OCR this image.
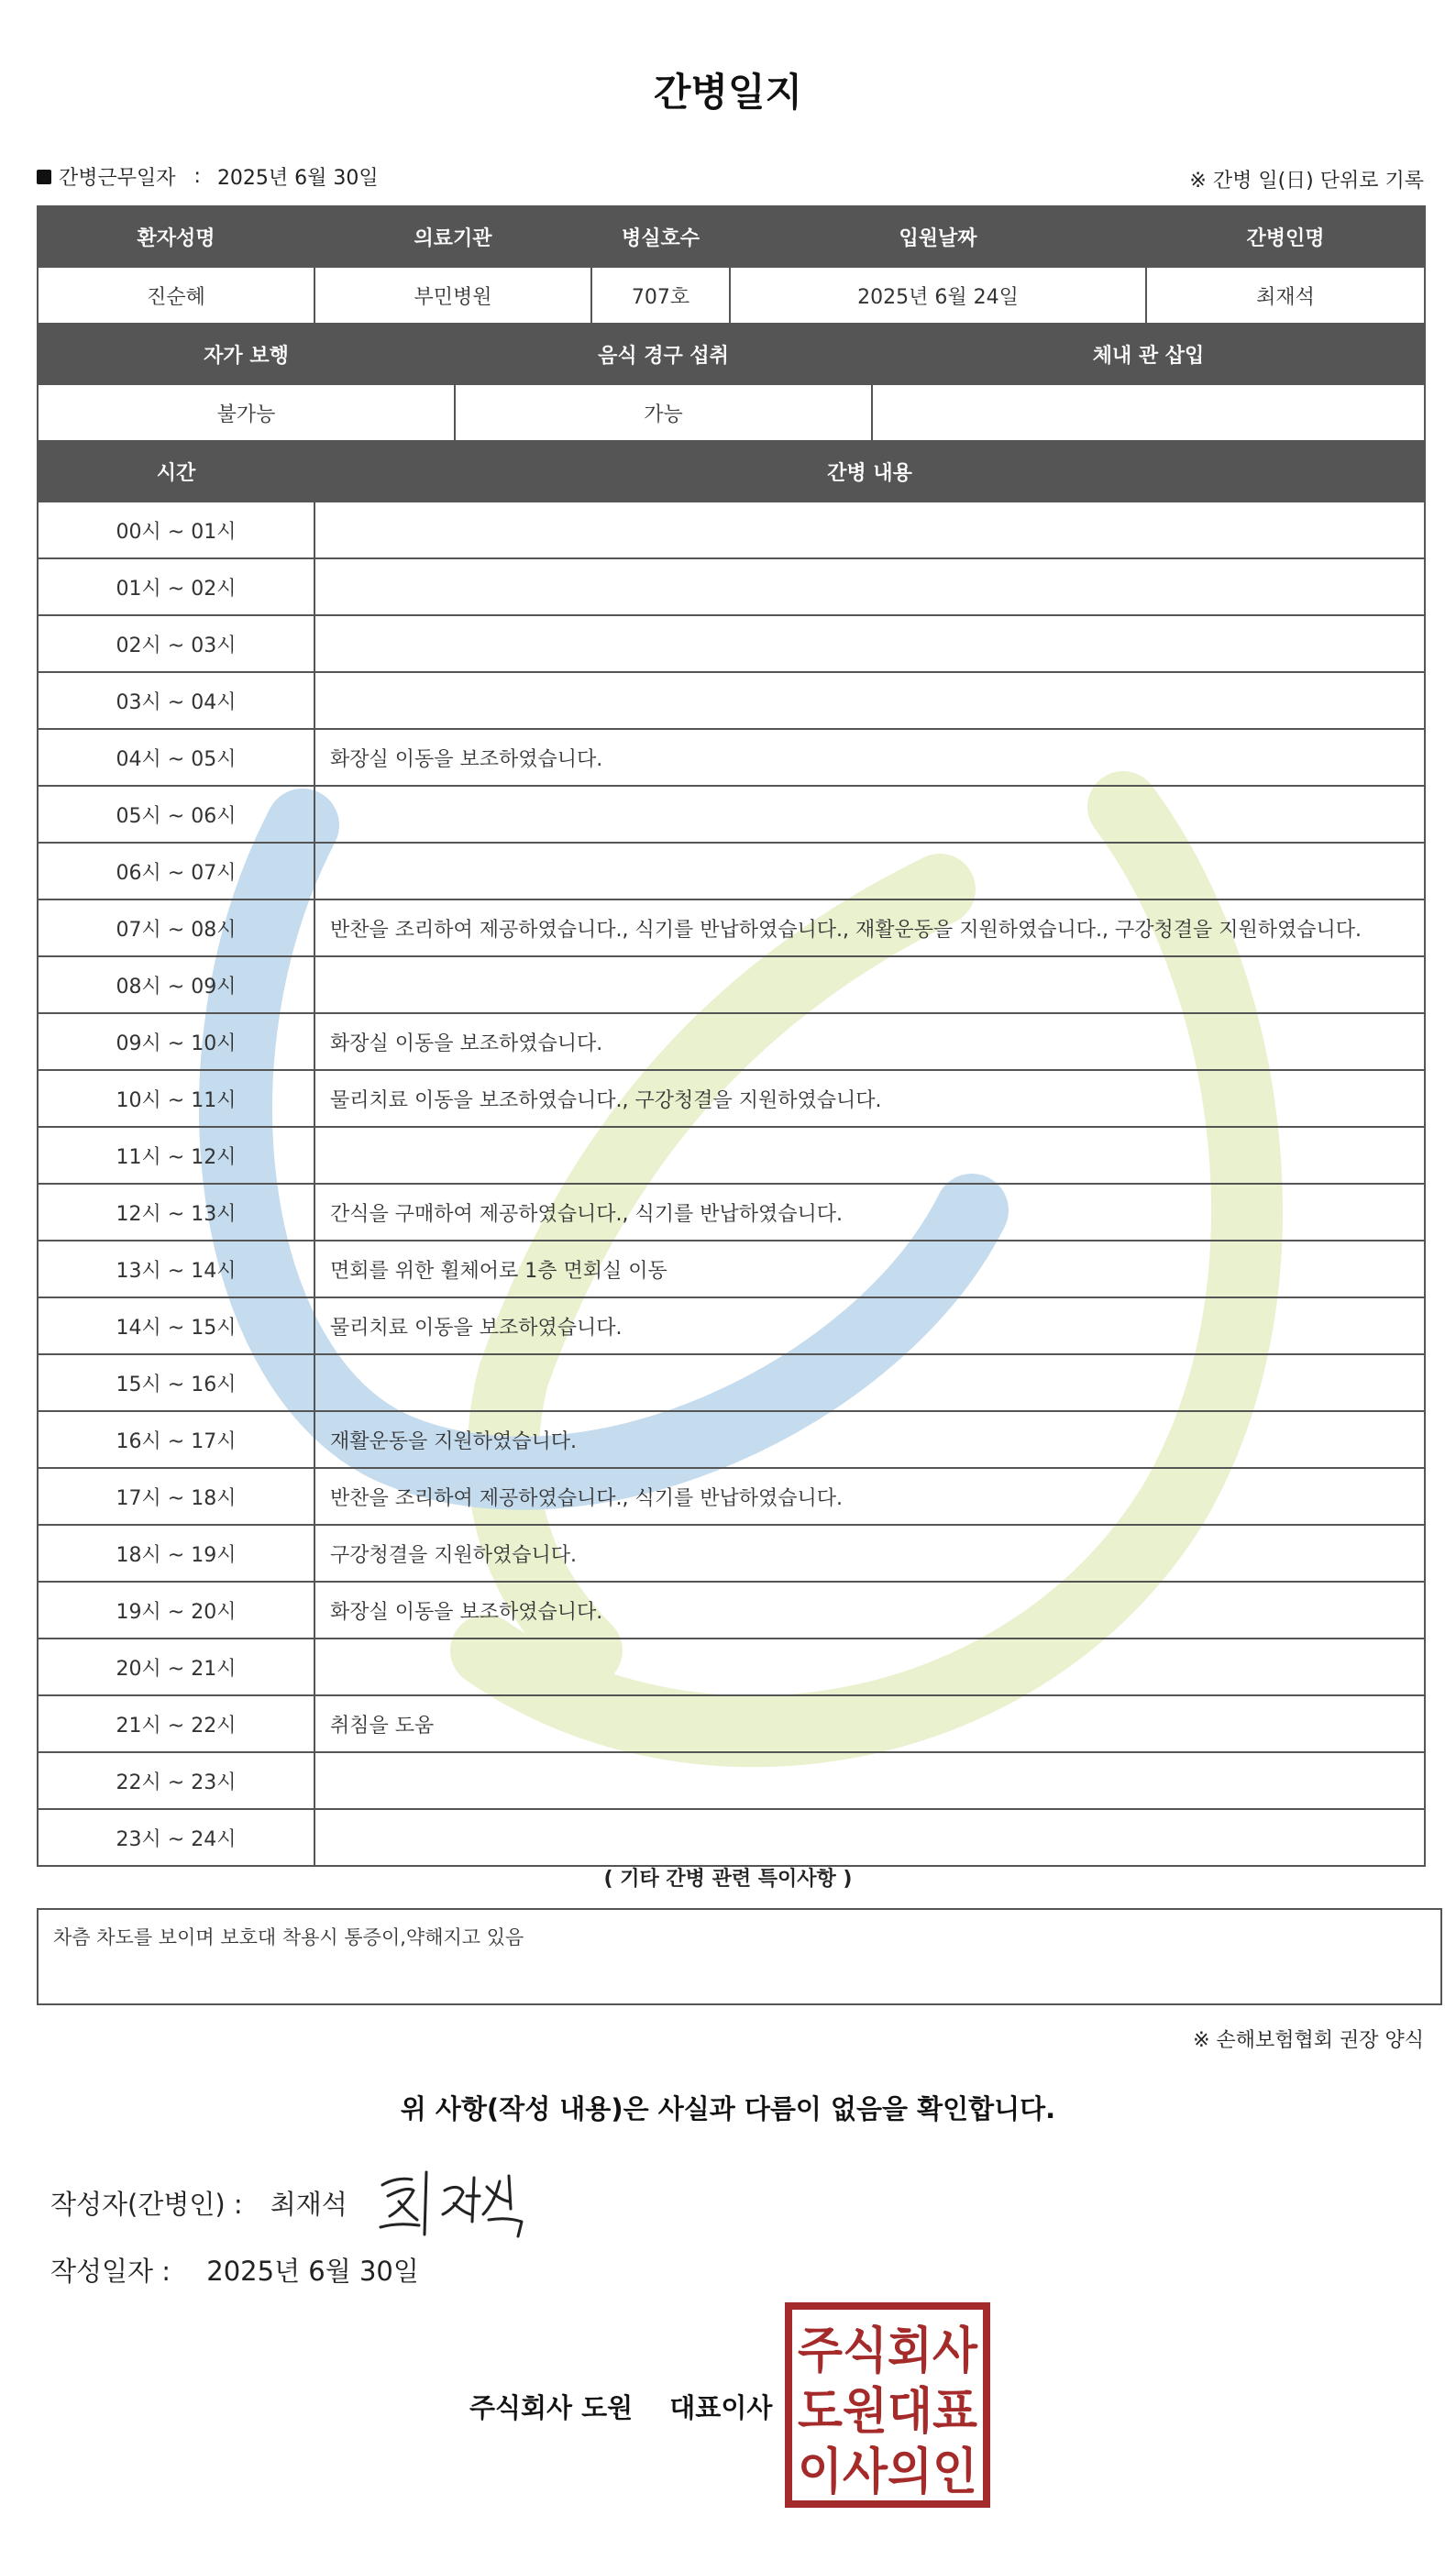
간병일지
간병근무일자 : 2025년 6월 30일	※ 간병 일(日) 단위로 기록
환자성명	의료기관	병실호수	입원날짜	간병인명
진순혜	부민병원	707호	2025년 6월 24일	최재석
자가 보행	음식 경구 섭취	체내 관 삽입
불가능	가능	
시간	간병 내용
00시 ~ 01시	
01시 ~ 02시	
02시 ~ 03시	
03시 ~ 04시	
04시 ~ 05시	화장실 이동을 보조하였습니다.
05시 ~ 06시	
06시 ~ 07시	
07시 ~ 08시	반찬을 조리하여 제공하였습니다., 식기를 반납하였습니다., 재활운동을 지원하였습니다., 구강청결을 지원하였습니다.
08시 ~ 09시	
09시 ~ 10시	화장실 이동을 보조하였습니다.
10시 ~ 11시	물리치료 이동을 보조하였습니다., 구강청결을 지원하였습니다.
11시 ~ 12시	
12시 ~ 13시	간식을 구매하여 제공하였습니다., 식기를 반납하였습니다.
13시 ~ 14시	면회를 위한 휠체어로 1층 면회실 이동
14시 ~ 15시	물리치료 이동을 보조하였습니다.
15시 ~ 16시	
16시 ~ 17시	재활운동을 지원하였습니다.
17시 ~ 18시	반찬을 조리하여 제공하였습니다., 식기를 반납하였습니다.
18시 ~ 19시	구강청결을 지원하였습니다.
19시 ~ 20시	화장실 이동을 보조하였습니다.
20시 ~ 21시	
21시 ~ 22시	취침을 도움
22시 ~ 23시	
23시 ~ 24시	
( 기타 간병 관련 특이사항 )
차츰 차도를 보이며 보호대 착용시 통증이,약해지고 있음
※ 손해보험협회 권장 양식
위 사항(작성 내용)은 사실과 다름이 없음을 확인합니다.
작성자(간병인) : 최재석
작성일자 : 2025년 6월 30일
주식회사 도원 대표이사
주식회사
도원대표
이사의인
